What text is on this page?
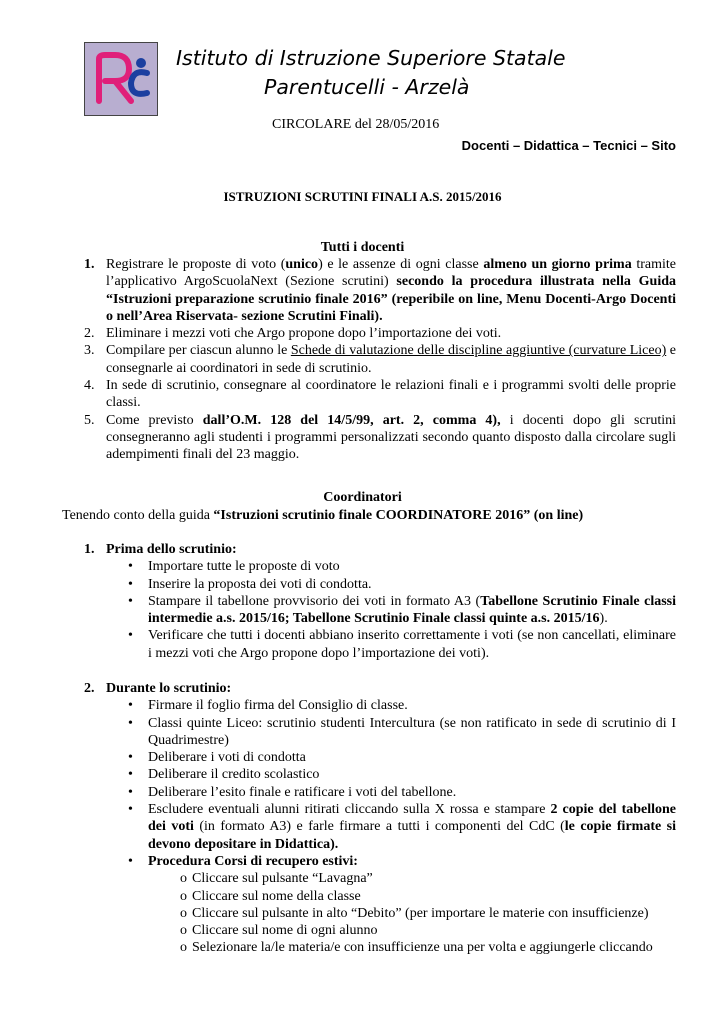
Istituto di Istruzione Superiore Statale
Parentucelli - Arzelà
CIRCOLARE del 28/05/2016
Docenti – Didattica – Tecnici – Sito
ISTRUZIONI SCRUTINI FINALI A.S. 2015/2016
Tutti i docenti
1. Registrare le proposte di voto (unico) e le assenze di ogni classe almeno un giorno prima tramite l’applicativo ArgoScuolaNext (Sezione scrutini) secondo la procedura illustrata nella Guida “Istruzioni preparazione scrutinio finale 2016” (reperibile on line, Menu Docenti-Argo Docenti o nell’Area Riservata- sezione Scrutini Finali).
2. Eliminare i mezzi voti che Argo propone dopo l’importazione dei voti.
3. Compilare per ciascun alunno le Schede di valutazione delle discipline aggiuntive (curvature Liceo) e consegnarle ai coordinatori in sede di scrutinio.
4. In sede di scrutinio, consegnare al coordinatore le relazioni finali e i programmi svolti delle proprie classi.
5. Come previsto dall’O.M. 128 del 14/5/99, art. 2, comma 4), i docenti dopo gli scrutini consegneranno agli studenti i programmi personalizzati secondo quanto disposto dalla circolare sugli adempimenti finali del 23 maggio.
Coordinatori
Tenendo conto della guida “Istruzioni scrutinio finale COORDINATORE 2016” (on line)
1. Prima dello scrutinio:
• Importare tutte le proposte di voto
• Inserire la proposta dei voti di condotta.
• Stampare il tabellone provvisorio dei voti in formato A3 (Tabellone Scrutinio Finale classi intermedie a.s. 2015/16; Tabellone Scrutinio Finale classi quinte a.s. 2015/16).
• Verificare che tutti i docenti abbiano inserito correttamente i voti (se non cancellati, eliminare i mezzi voti che Argo propone dopo l’importazione dei voti).
2. Durante lo scrutinio:
• Firmare il foglio firma del Consiglio di classe.
• Classi quinte Liceo: scrutinio studenti Intercultura (se non ratificato in sede di scrutinio di I Quadrimestre)
• Deliberare i voti di condotta
• Deliberare il credito scolastico
• Deliberare l’esito finale e ratificare i voti del tabellone.
• Escludere eventuali alunni ritirati cliccando sulla X rossa e stampare 2 copie del tabellone dei voti (in formato A3) e farle firmare a tutti i componenti del CdC (le copie firmate si devono depositare in Didattica).
• Procedura Corsi di recupero estivi:
o Cliccare sul pulsante “Lavagna”
o Cliccare sul nome della classe
o Cliccare sul pulsante in alto “Debito” (per importare le materie con insufficienze)
o Cliccare sul nome di ogni alunno
o Selezionare la/le materia/e con insufficienze una per volta e aggiungerle cliccando
